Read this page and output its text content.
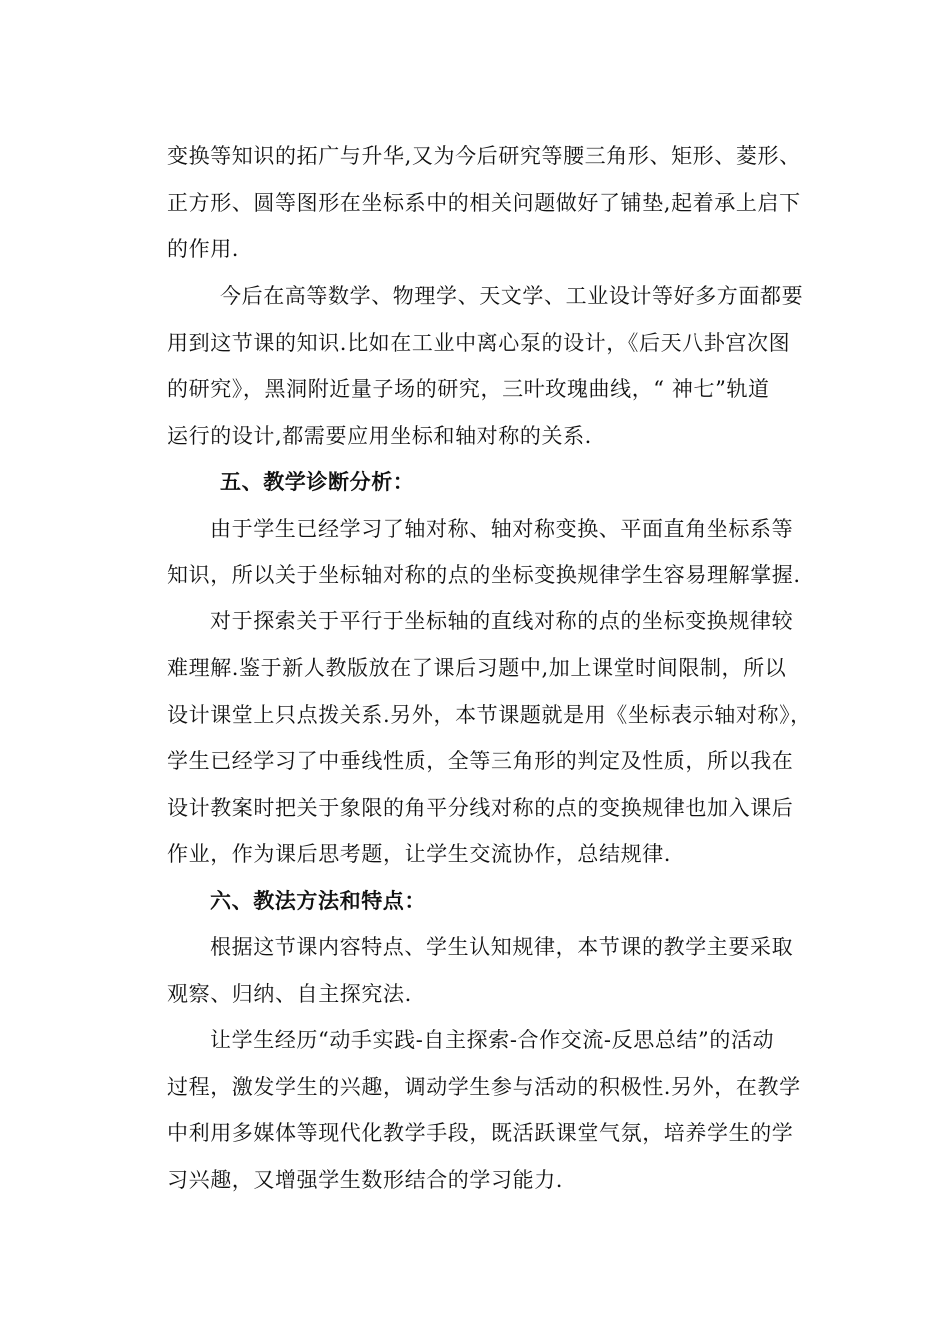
变换等知识的拓广与升华,又为今后研究等腰三角形、矩形、菱形、
正方形、圆等图形在坐标系中的相关问题做好了铺垫,起着承上启下
的作用.
今后在高等数学、物理学、天文学、工业设计等好多方面都要
用到这节课的知识.比如在工业中离心泵的设计，《后天八卦宫次图
的研究》，黑洞附近量子场的研究，三叶玫瑰曲线，“ 神七”轨道
运行的设计,都需要应用坐标和轴对称的关系.
五、教学诊断分析：
由于学生已经学习了轴对称、轴对称变换、平面直角坐标系等
知识，所以关于坐标轴对称的点的坐标变换规律学生容易理解掌握.
对于探索关于平行于坐标轴的直线对称的点的坐标变换规律较
难理解.鉴于新人教版放在了课后习题中,加上课堂时间限制，所以
设计课堂上只点拨关系.另外，本节课题就是用《坐标表示轴对称》，
学生已经学习了中垂线性质，全等三角形的判定及性质，所以我在
设计教案时把关于象限的角平分线对称的点的变换规律也加入课后
作业，作为课后思考题，让学生交流协作，总结规律.
六、教法方法和特点：
根据这节课内容特点、学生认知规律，本节课的教学主要采取
观察、归纳、自主探究法.
让学生经历“动手实践-自主探索-合作交流-反思总结”的活动
过程，激发学生的兴趣，调动学生参与活动的积极性.另外，在教学
中利用多媒体等现代化教学手段，既活跃课堂气氛，培养学生的学
习兴趣，又增强学生数形结合的学习能力.
